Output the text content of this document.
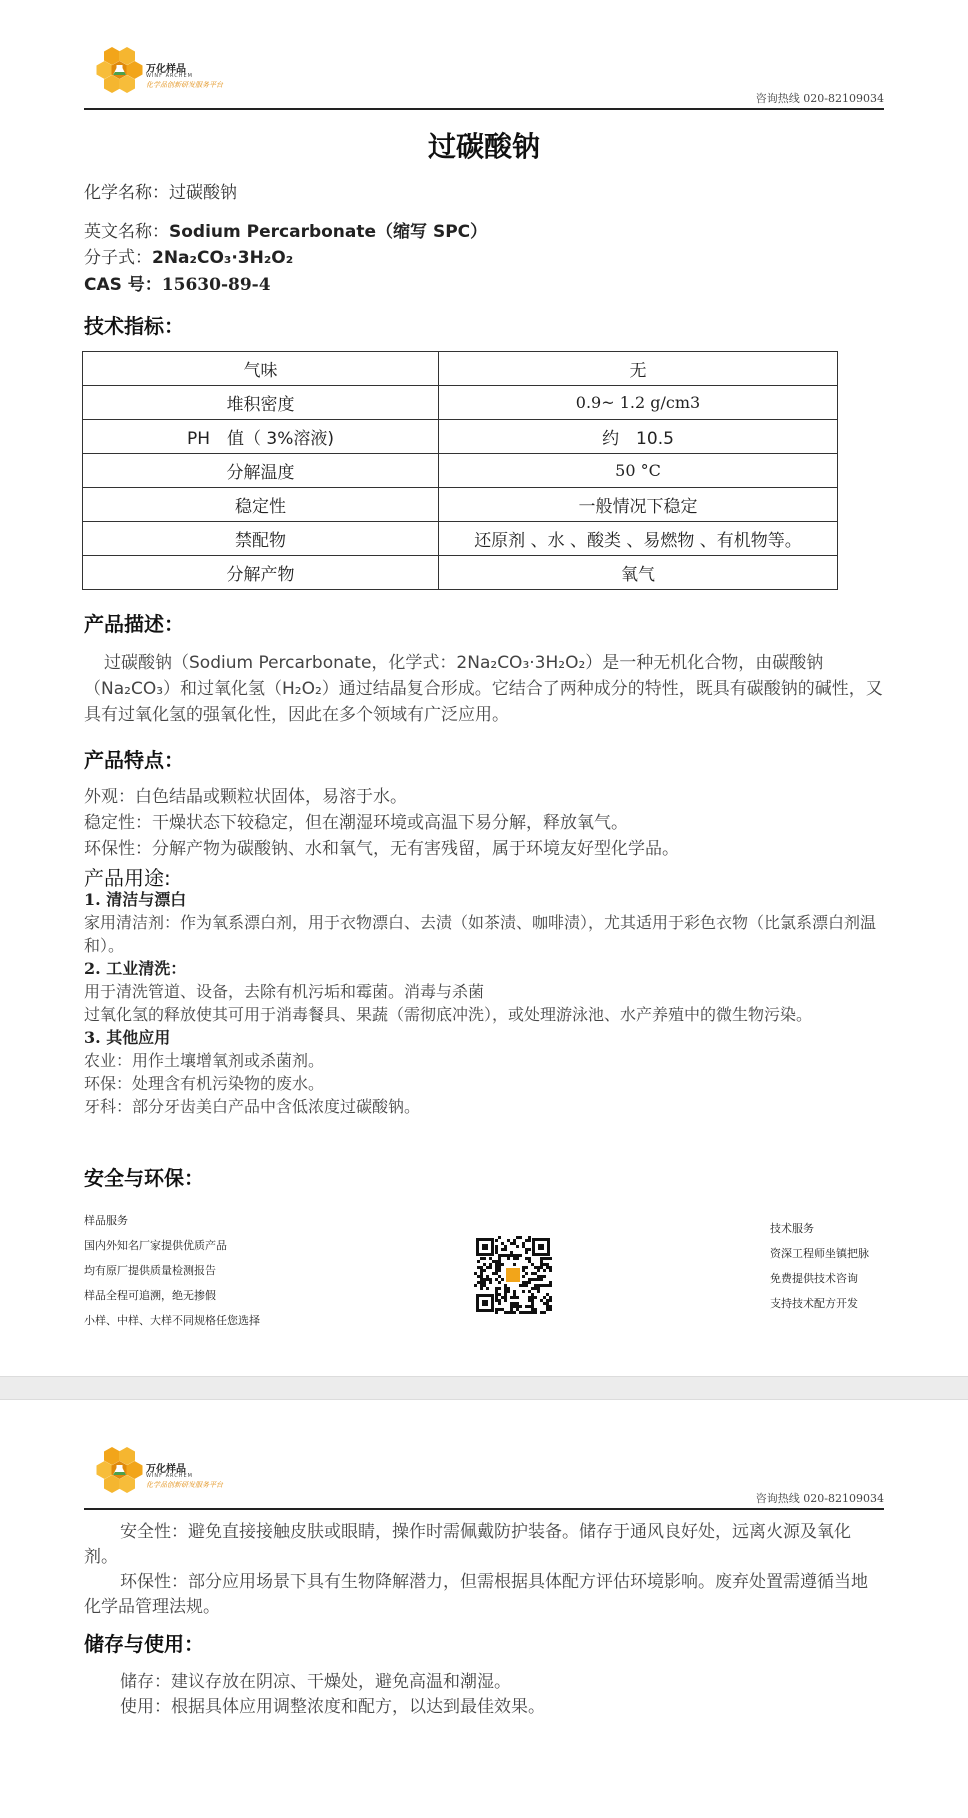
万化样品
WINF ARCHEM
化学品创新研发服务平台
咨询热线 020-82109034
过碳酸钠
化学名称：过碳酸钠
英文名称：Sodium Percarbonate（缩写 SPC）
分子式：2Na₂CO₃·3H₂O₂
CAS 号：15630-89-4
技术指标：
气味	无
堆积密度	0.9~ 1.2 g/cm3
PH　值（ 3%溶液)	约　10.5
分解温度	50 °C
稳定性	一般情况下稳定
禁配物	还原剂 、水 、酸类 、易燃物 、有机物等。
分解产物	氧气
产品描述：

过碳酸钠（Sodium Percarbonate，化学式：2Na₂CO₃·3H₂O₂）是一种无机化合物，由碳酸钠（Na₂CO₃）和过氧化氢（H₂O₂）通过结晶复合形成。它结合了两种成分的特性，既具有碳酸钠的碱性，又具有过氧化氢的强氧化性，因此在多个领域有广泛应用。

产品特点：

外观：白色结晶或颗粒状固体，易溶于水。

稳定性：干燥状态下较稳定，但在潮湿环境或高温下易分解，释放氧气。

环保性：分解产物为碳酸钠、水和氧气，无有害残留，属于环境友好型化学品。

产品用途:

1. 清洁与漂白

家用清洁剂：作为氧系漂白剂，用于衣物漂白、去渍（如茶渍、咖啡渍），尤其适用于彩色衣物（比氯系漂白剂温和）。

2. 工业清洗：

用于清洗管道、设备，去除有机污垢和霉菌。消毒与杀菌

过氧化氢的释放使其可用于消毒餐具、果蔬（需彻底冲洗），或处理游泳池、水产养殖中的微生物污染。

3. 其他应用

农业：用作土壤增氧剂或杀菌剂。

环保：处理含有机污染物的废水。

牙科：部分牙齿美白产品中含低浓度过碳酸钠。

安全与环保：
样品服务
国内外知名厂家提供优质产品
均有原厂提供质量检测报告
样品全程可追溯，绝无掺假
小样、中样、大样不同规格任您选择
技术服务
资深工程师坐镇把脉
免费提供技术咨询
支持技术配方开发
万化样品
WINF ARCHEM
化学品创新研发服务平台
咨询热线 020-82109034

安全性：避免直接接触皮肤或眼睛，操作时需佩戴防护装备。储存于通风良好处，远离火源及氧化剂。

环保性：部分应用场景下具有生物降解潜力，但需根据具体配方评估环境影响。废弃处置需遵循当地化学品管理法规。

储存与使用：

储存：建议存放在阴凉、干燥处，避免高温和潮湿。

使用：根据具体应用调整浓度和配方，以达到最佳效果。
